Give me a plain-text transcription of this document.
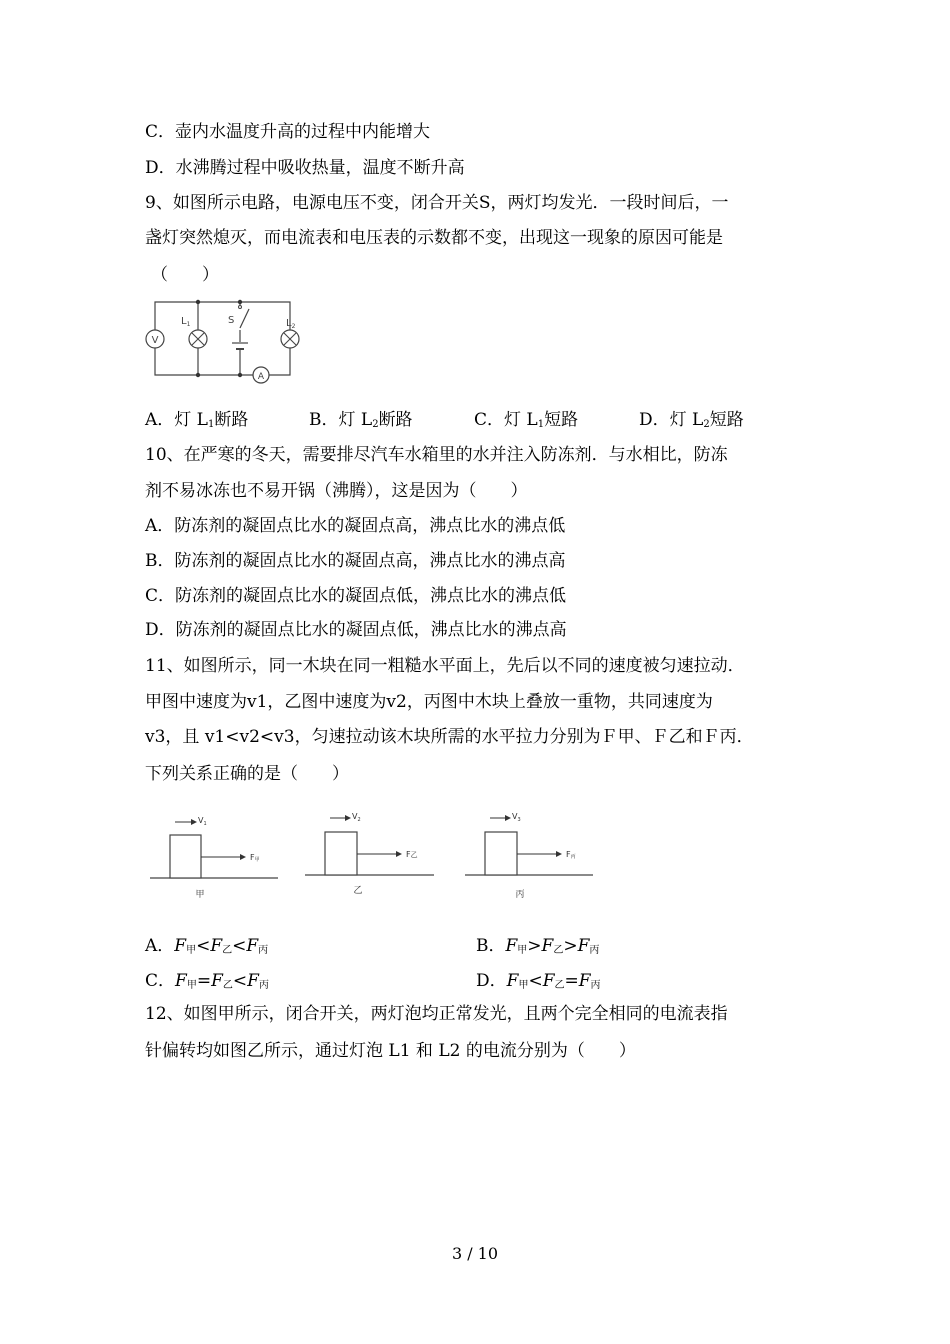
C．壶内水温度升高的过程中内能增大
D．水沸腾过程中吸收热量，温度不断升高
9、如图所示电路，电源电压不变，闭合开关S，两灯均发光．一段时间后，一
盏灯突然熄灭，而电流表和电压表的示数都不变，出现这一现象的原因可能是
（　　）
V
$L_1$	S
A
$L_2$
A．灯 $L_1$断路	B．灯 $L_2$断路	C．灯 $L_1$短路	D．灯 $L_2$短路
10、在严寒的冬天，需要排尽汽车水箱里的水并注入防冻剂．与水相比，防冻
剂不易冰冻也不易开锅（沸腾），这是因为（　　）
A．防冻剂的凝固点比水的凝固点高，沸点比水的沸点低
B．防冻剂的凝固点比水的凝固点高，沸点比水的沸点高
C．防冻剂的凝固点比水的凝固点低，沸点比水的沸点低
D．防冻剂的凝固点比水的凝固点低，沸点比水的沸点高
11、如图所示，同一木块在同一粗糙水平面上，先后以不同的速度被匀速拉动．
甲图中速度为v1，乙图中速度为v2，丙图中木块上叠放一重物，共同速度为
v3，且 v1<v2<v3，匀速拉动该木块所需的水平拉力分别为Ｆ甲、Ｆ乙和Ｆ丙．
下列关系正确的是（　　）
$V_1$
F甲
甲
$V_2$
F乙
乙
$V_3$
F丙
丙
A．F甲<F乙<F丙	B．F甲>F乙>F丙
C．F甲=F乙<F丙	D．F甲<F乙=F丙
12、如图甲所示，闭合开关，两灯泡均正常发光，且两个完全相同的电流表指
针偏转均如图乙所示，通过灯泡 L1 和 L2 的电流分别为（　　）
3 / 10
